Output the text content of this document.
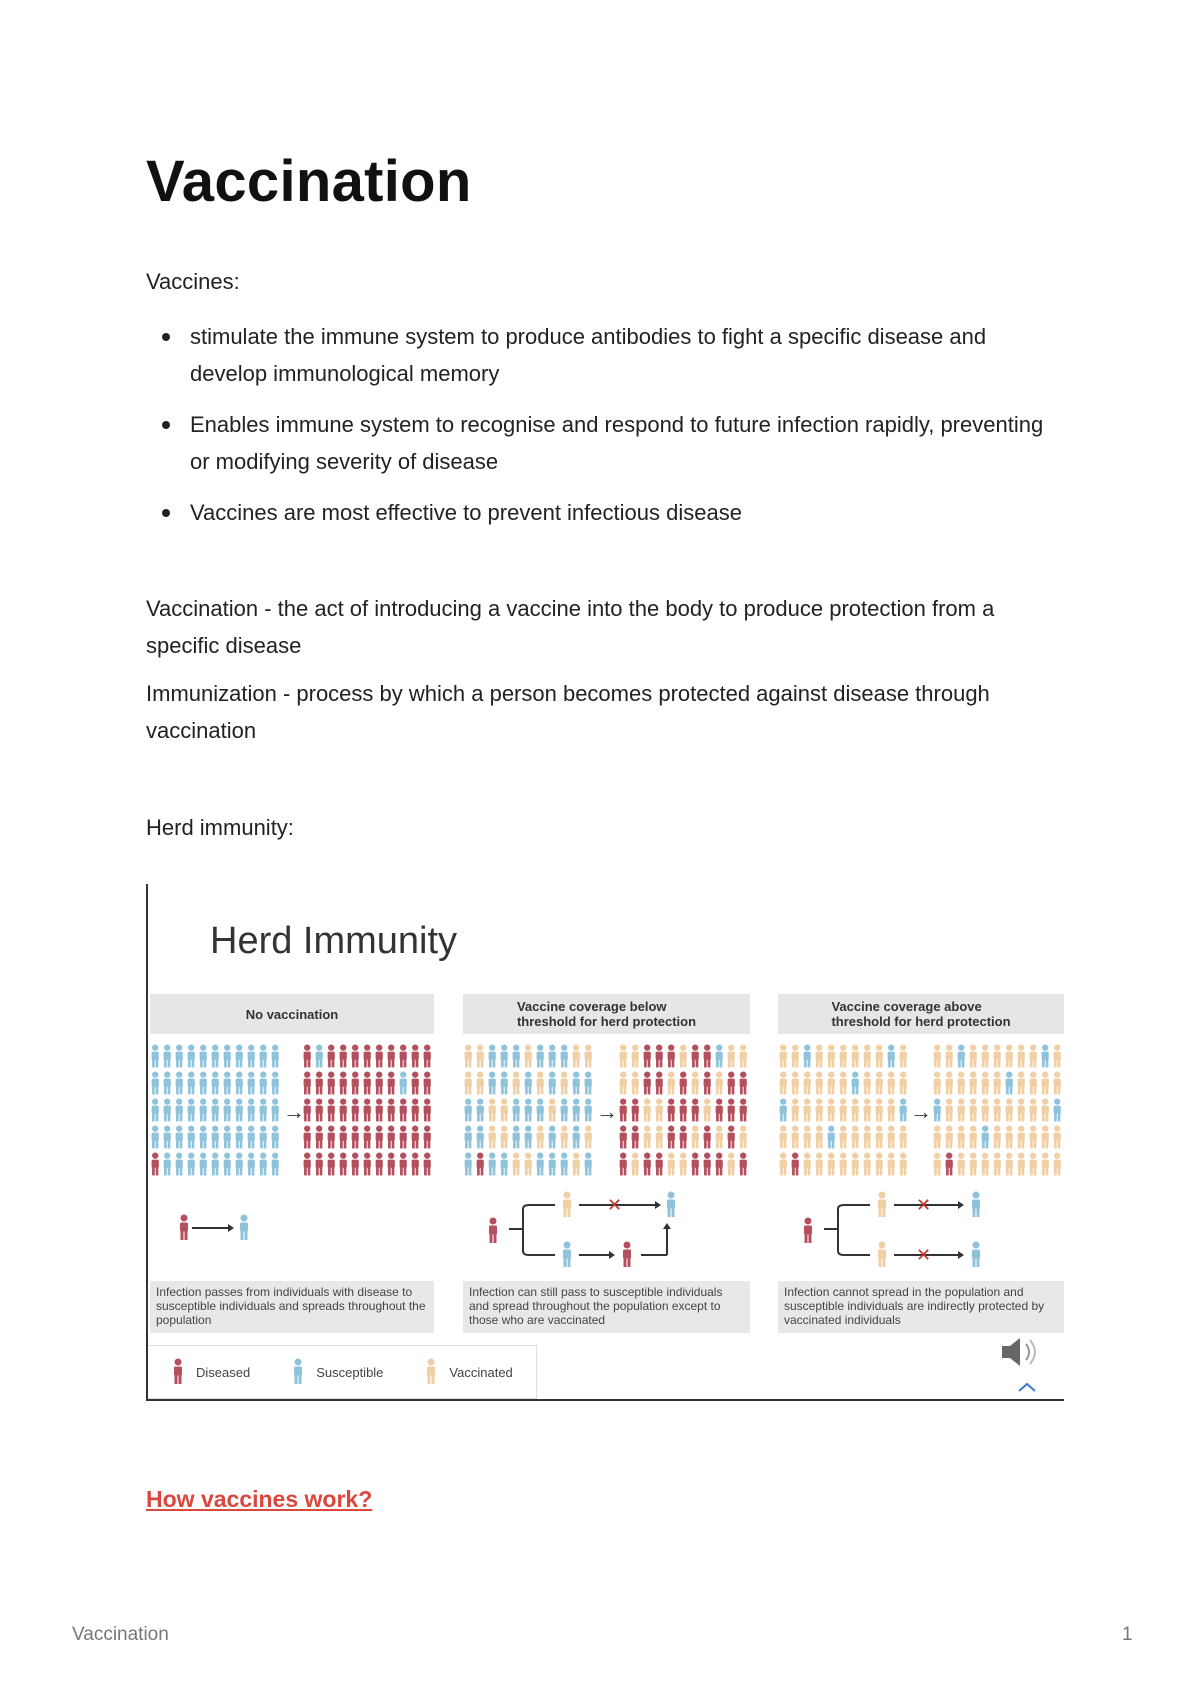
Vaccination
Vaccines:
stimulate the immune system to produce antibodies to fight a specific disease and develop immunological memory
Enables immune system to recognise and respond to future infection rapidly, preventing or modifying severity of disease
Vaccines are most effective to prevent infectious disease

Vaccination - the act of introducing a vaccine into the body to produce protection from a specific disease

Immunization - process by which a person becomes protected against disease through vaccination

Herd immunity:
Herd Immunity
No vaccination	Vaccine coverage below
threshold for herd protection
Vaccine coverage above
threshold for herd protection
→	→	→
✕	✕
✕
Infection passes from individuals with disease to susceptible individuals and spreads throughout the population
Infection can still pass to susceptible individuals and spread throughout the population except to those who are vaccinated
Infection cannot spread in the population and susceptible individuals are indirectly protected by vaccinated individuals
Diseased	Susceptible	Vaccinated
How vaccines work?
Vaccination	1
